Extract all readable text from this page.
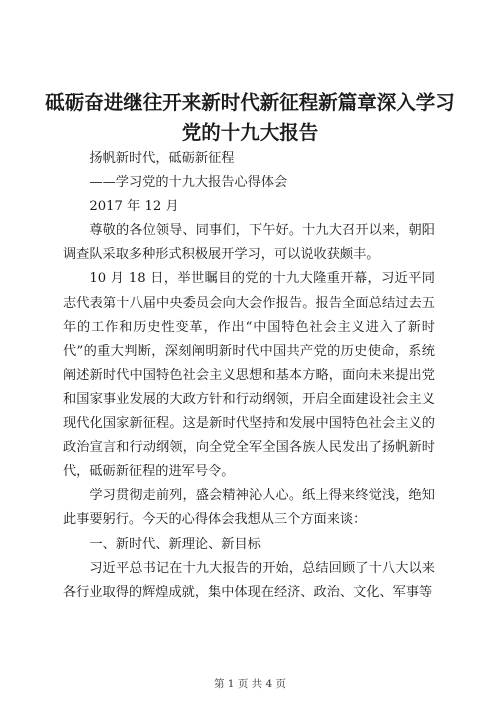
砥砺奋进继往开来新时代新征程新篇章深入学习党的十九大报告

扬帆新时代，砥砺新征程

——学习党的十九大报告心得体会

2017 年 12 月

尊敬的各位领导、同事们，下午好。十九大召开以来，朝阳调查队采取多种形式积极展开学习，可以说收获颇丰。

10 月 18 日，举世瞩目的党的十九大隆重开幕，习近平同志代表第十八届中央委员会向大会作报告。报告全面总结过去五年的工作和历史性变革，作出“中国特色社会主义进入了新时代”的重大判断，深刻阐明新时代中国共产党的历史使命，系统阐述新时代中国特色社会主义思想和基本方略，面向未来提出党和国家事业发展的大政方针和行动纲领，开启全面建设社会主义现代化国家新征程。这是新时代坚持和发展中国特色社会主义的政治宣言和行动纲领，向全党全军全国各族人民发出了扬帆新时代，砥砺新征程的进军号令。

学习贯彻走前列，盛会精神沁人心。纸上得来终觉浅，绝知此事要躬行。今天的心得体会我想从三个方面来谈：

一、新时代、新理论、新目标

习近平总书记在十九大报告的开始，总结回顾了十八大以来各行业取得的辉煌成就，集中体现在经济、政治、文化、军事等

第 1 页 共 4 页
